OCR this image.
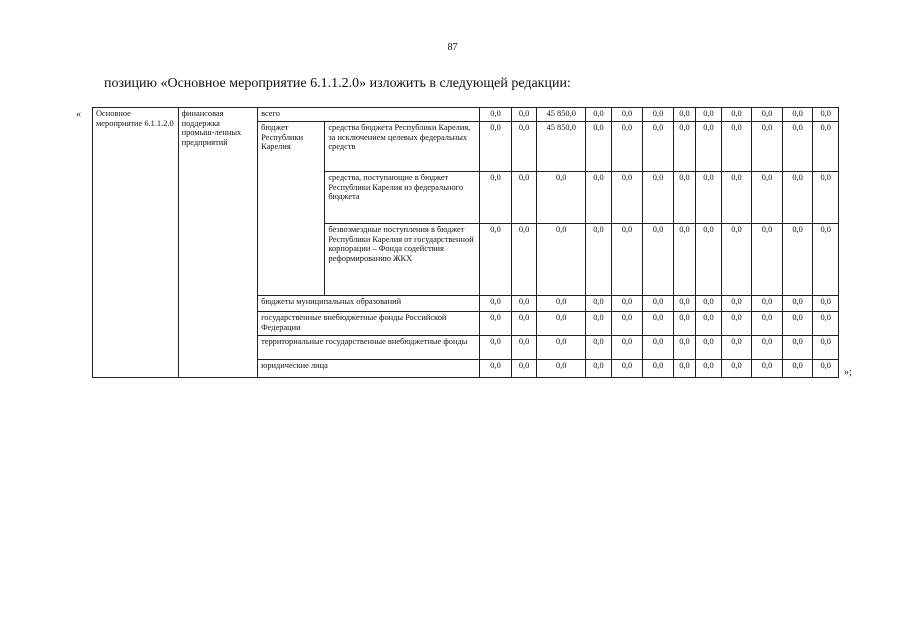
87
позицию «Основное мероприятие 6.1.1.2.0» изложить в следующей редакции:
«
»;
Основное мероприятие 6.1.1.2.0	финансовая поддержка промыш-ленных предприятий	всего		0,0	0,0	45 850,0	0,0	0,0	0,0	0,0	0,0	0,0	0,0	0,0	0,0
		бюджет Республики Карелия	средства бюджета Республики Карелия, за исключением целевых федеральных средств	0,0	0,0	45 850,0	0,0	0,0	0,0	0,0	0,0	0,0	0,0	0,0	0,0
			средства, поступающие в бюджет Республики Карелия из федерального бюджета	0,0	0,0	0,0	0,0	0,0	0,0	0,0	0,0	0,0	0,0	0,0	0,0
			безвозмездные поступления в бюджет Республики Карелия от государственной корпорации – Фонда содействия реформированию ЖКХ	0,0	0,0	0,0	0,0	0,0	0,0	0,0	0,0	0,0	0,0	0,0	0,0
		бюджеты муниципальных образований		0,0	0,0	0,0	0,0	0,0	0,0	0,0	0,0	0,0	0,0	0,0	0,0
		государственные внебюджетные фонды Российской Федерации		0,0	0,0	0,0	0,0	0,0	0,0	0,0	0,0	0,0	0,0	0,0	0,0
		территориальные государственные внебюджетные фонды		0,0	0,0	0,0	0,0	0,0	0,0	0,0	0,0	0,0	0,0	0,0	0,0
		юридические лица		0,0	0,0	0,0	0,0	0,0	0,0	0,0	0,0	0,0	0,0	0,0	0,0
